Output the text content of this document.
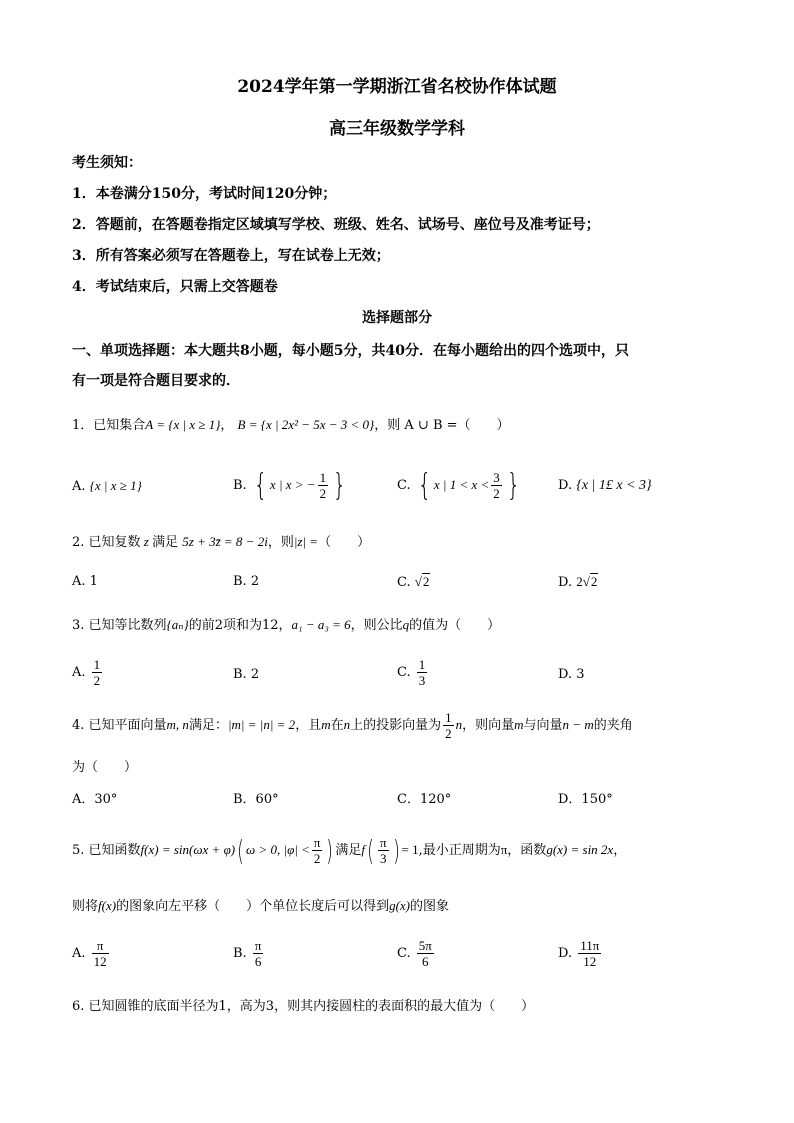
2024学年第一学期浙江省名校协作体试题
高三年级数学学科
考生须知：
1．本卷满分150分，考试时间120分钟；
2．答题前，在答题卷指定区域填写学校、班级、姓名、试场号、座位号及准考证号；
3．所有答案必须写在答题卷上，写在试卷上无效；
4．考试结束后，只需上交答题卷
选择题部分
一、单项选择题：本大题共8小题，每小题5分，共40分．在每小题给出的四个选项中，只
有一项是符合题目要求的．
1．已知集合A = {x | x ≥ 1}， B = {x | 2x² − 5x − 3 < 0}，则 A ∪ B =（　　）
A. {x | x ≥ 1}	B. { x | x > − $\frac{1}{2}$ }	C. { x | $1 < x < \frac{3}{2}$ }	D. {x | 1£ x < 3}
2. 已知复数 z 满足 5z + 3z̄ = 8 − 2i，则|z| =（　　）
A. 1	B. 2	C. √2	D. 2√2
3. 已知等比数列{aₙ}的前2项和为12，a₁ − a₃ = 6，则公比q的值为（　　）
A. $\frac{1}{2}$	B. 2	C. $\frac{1}{3}$	D. 3
4. 已知平面向量m, n满足：|m| = |n| = 2，且m在n上的投影向量为 $\frac{1}{2}$ n，则向量m与向量n − m的夹角
为（　　）
A．30°	B．60°	C．120°	D．150°
5. 已知函数f(x) = sin(ωx + φ)( ω > 0, $|\varphi| < \frac{\pi}{2}$ ) 满足$f( \frac{\pi}{3}$ ) = 1,最小正周期为π，函数g(x) = sin 2x，
则将f(x)的图象向左平移（　　）个单位长度后可以得到g(x)的图象
A. $\frac{\pi}{12}$	B. $\frac{\pi}{6}$	C. $\frac{5\pi}{6}$	D. $\frac{11\pi}{12}$
6. 已知圆锥的底面半径为1，高为3，则其内接圆柱的表面积的最大值为（　　）
